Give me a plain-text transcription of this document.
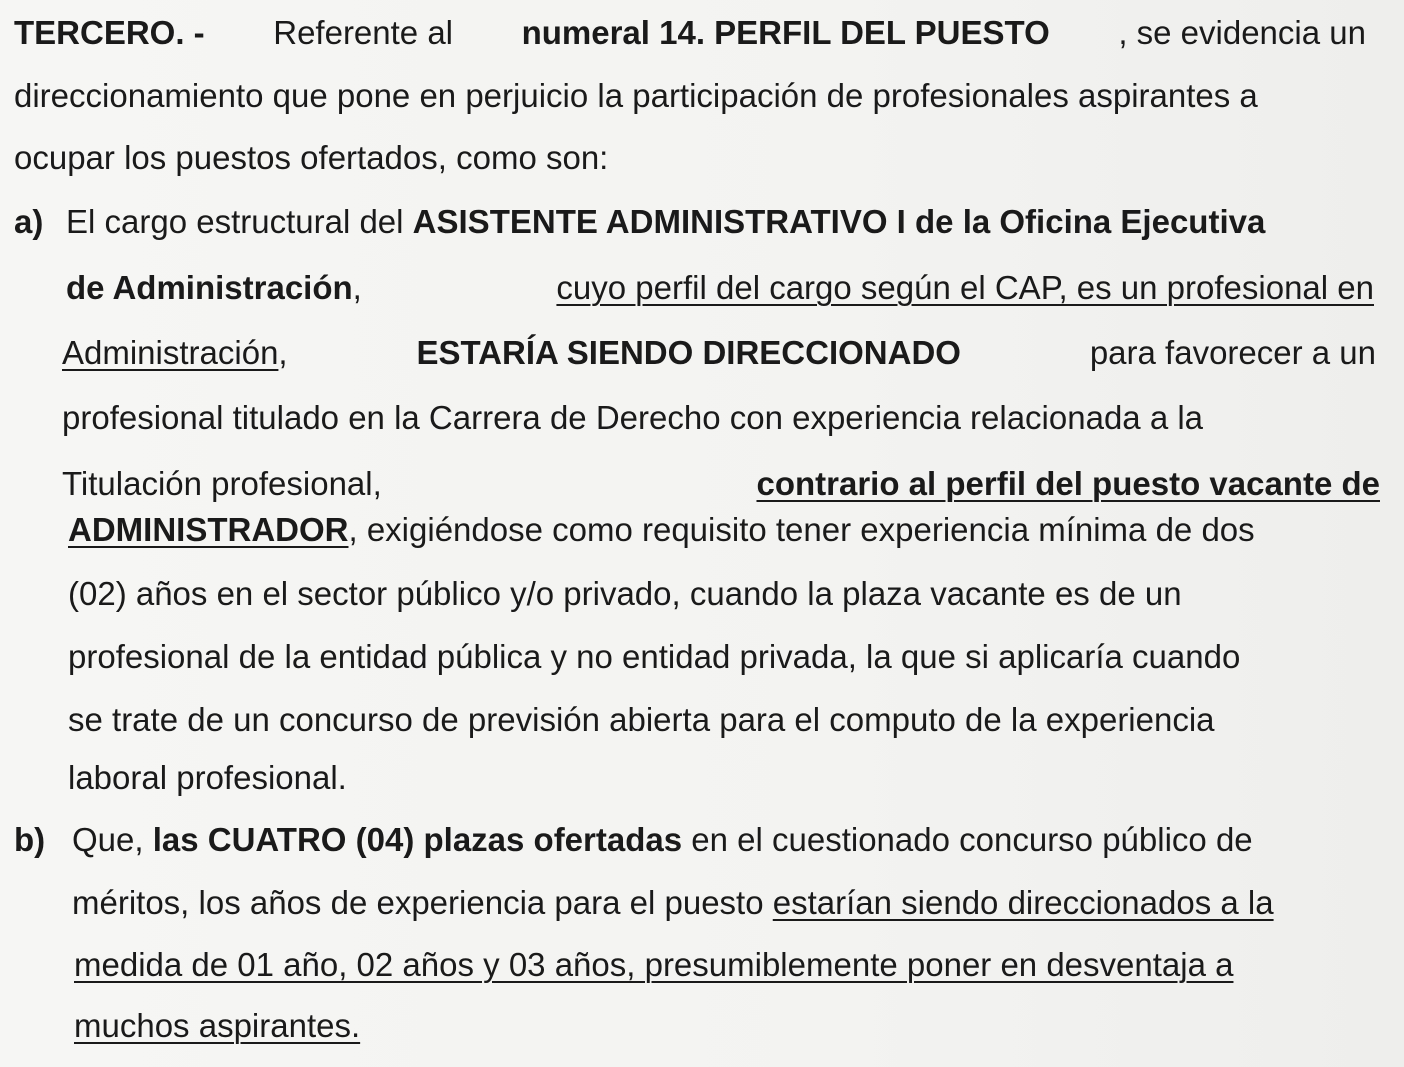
TERCERO. - Referente al numeral 14. PERFIL DEL PUESTO , se evidencia un
direccionamiento que pone en perjuicio la participación de profesionales aspirantes a
ocupar los puestos ofertados, como son:
a) El cargo estructural del ASISTENTE ADMINISTRATIVO I de la Oficina Ejecutiva
de Administración ,	cuyo perfil del cargo según el CAP, es un profesional en
Administración,	ESTARÍA SIENDO DIRECCIONADO	para favorecer a un
profesional titulado en la Carrera de Derecho con experiencia relacionada a la
Titulación profesional,	contrario al perfil del puesto vacante de
ADMINISTRADOR, exigiéndose como requisito tener experiencia mínima de dos
(02) años en el sector público y/o privado, cuando la plaza vacante es de un
profesional de la entidad pública y no entidad privada, la que si aplicaría cuando
se trate de un concurso de previsión abierta para el computo de la experiencia
laboral profesional.
b) Que, las CUATRO (04) plazas ofertadas en el cuestionado concurso público de
méritos, los años de experiencia para el puesto estarían siendo direccionados a la
medida de 01 año, 02 años y 03 años, presumiblemente poner en desventaja a
muchos aspirantes.
